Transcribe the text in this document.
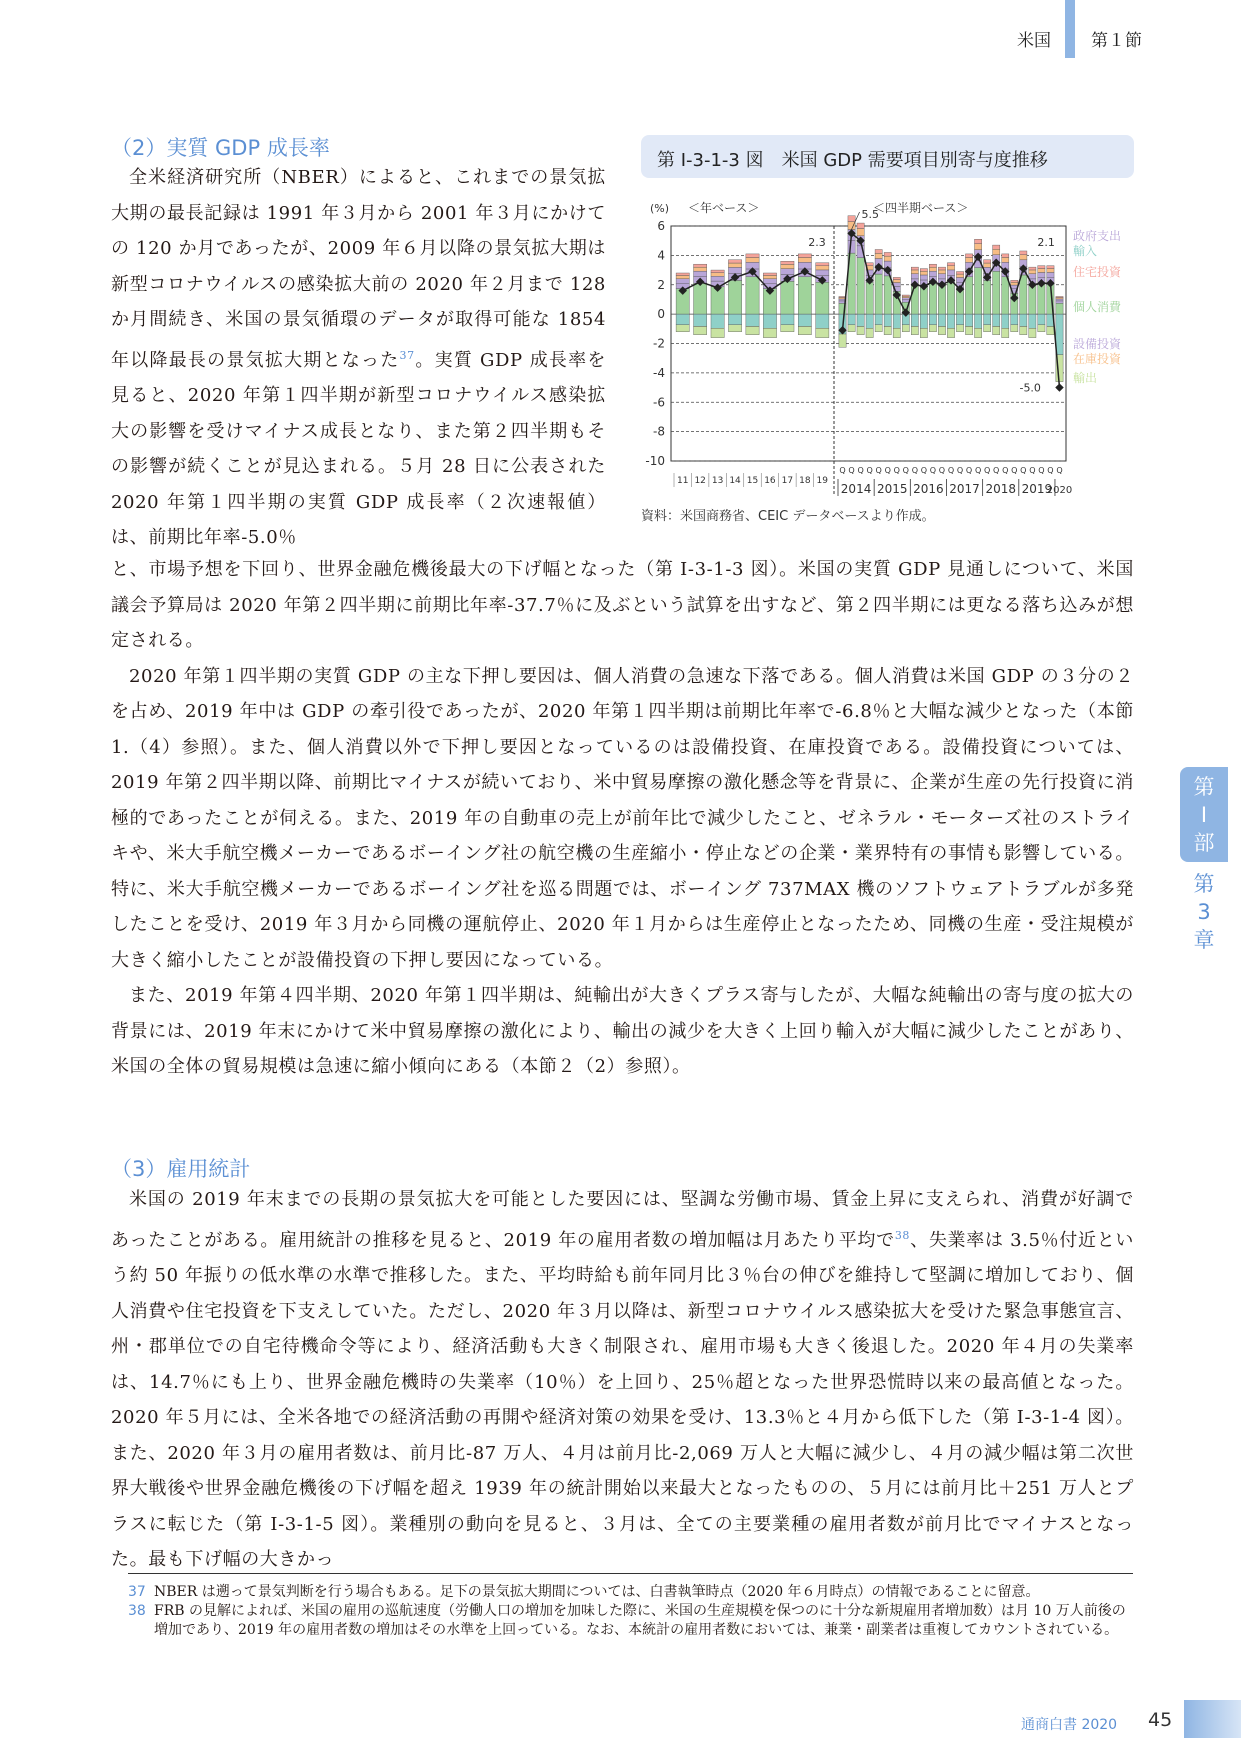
米国	第１節
（2）実質 GDP 成長率

全米経済研究所（NBER）によると、これまでの景気拡大期の最長記録は 1991 年３月から 2001 年３月にかけての 120 か月であったが、2009 年６月以降の景気拡大期は新型コロナウイルスの感染拡大前の 2020 年２月まで 128 か月間続き、米国の景気循環のデータが取得可能な 1854 年以降最長の景気拡大期となった$^{37}$。実質 GDP 成長率を見ると、2020 年第１四半期が新型コロナウイルス感染拡大の影響を受けマイナス成長となり、また第２四半期もその影響が続くことが見込まれる。５月 28 日に公表された 2020 年第１四半期の実質 GDP 成長率（２次速報値）は、前期比年率-5.0％

と、市場予想を下回り、世界金融危機後最大の下げ幅となった（第 I-3-1-3 図）。米国の実質 GDP 見通しについて、米国議会予算局は 2020 年第２四半期に前期比年率-37.7％に及ぶという試算を出すなど、第２四半期には更なる落ち込みが想定される。

2020 年第１四半期の実質 GDP の主な下押し要因は、個人消費の急速な下落である。個人消費は米国 GDP の３分の２を占め、2019 年中は GDP の牽引役であったが、2020 年第１四半期は前期比年率で-6.8％と大幅な減少となった（本節 1.（4）参照）。また、個人消費以外で下押し要因となっているのは設備投資、在庫投資である。設備投資については、2019 年第２四半期以降、前期比マイナスが続いており、米中貿易摩擦の激化懸念等を背景に、企業が生産の先行投資に消極的であったことが伺える。また、2019 年の自動車の売上が前年比で減少したこと、ゼネラル・モーターズ社のストライキや、米大手航空機メーカーであるボーイング社の航空機の生産縮小・停止などの企業・業界特有の事情も影響している。特に、米大手航空機メーカーであるボーイング社を巡る問題では、ボーイング 737MAX 機のソフトウェアトラブルが多発したことを受け、2019 年３月から同機の運航停止、2020 年１月からは生産停止となったため、同機の生産・受注規模が大きく縮小したことが設備投資の下押し要因になっている。

また、2019 年第４四半期、2020 年第１四半期は、純輸出が大きくプラス寄与したが、大幅な純輸出の寄与度の拡大の背景には、2019 年末にかけて米中貿易摩擦の激化により、輸出の減少を大きく上回り輸入が大幅に減少したことがあり、米国の全体の貿易規模は急速に縮小傾向にある（本節２（2）参照）。

（3）雇用統計

米国の 2019 年末までの長期の景気拡大を可能とした要因には、堅調な労働市場、賃金上昇に支えられ、消費が好調であったことがある。雇用統計の推移を見ると、2019 年の雇用者数の増加幅は月あたり平均で$^{38}$、失業率は 3.5％付近という約 50 年振りの低水準の水準で推移した。また、平均時給も前年同月比３％台の伸びを維持して堅調に増加しており、個人消費や住宅投資を下支えしていた。ただし、2020 年３月以降は、新型コロナウイルス感染拡大を受けた緊急事態宣言、州・郡単位での自宅待機命令等により、経済活動も大きく制限され、雇用市場も大きく後退した。2020 年４月の失業率は、14.7％にも上り、世界金融危機時の失業率（10％）を上回り、25％超となった世界恐慌時以来の最高値となった。2020 年５月には、全米各地での経済活動の再開や経済対策の効果を受け、13.3％と４月から低下した（第 I-3-1-4 図）。また、2020 年３月の雇用者数は、前月比-87 万人、４月は前月比-2,069 万人と大幅に減少し、４月の減少幅は第二次世界大戦後や世界金融危機後の下げ幅を超え 1939 年の統計開始以来最大となったものの、５月には前月比＋251 万人とプラスに転じた（第 I-3-1-5 図）。業種別の動向を見ると、３月は、全ての主要業種の雇用者数が前月比でマイナスとなった。最も下げ幅の大きかっ

第
I
部
第
3
章
第 I-3-1-3 図　米国 GDP 需要項目別寄与度推移
(%) ＜年ベース＞	＜四半期ベース＞
6
4
2
0
-2
-4
-6
-8
-10
11 12 13 14 15 16 17 18 19
Q Q Q Q Q Q Q Q Q Q Q Q Q Q Q Q Q Q Q Q Q Q Q Q Q
2014 2015 2016 2017 2018 2019
2020
2.3
5.5
2.1
-5.0
政府支出
輸入
住宅投資
個人消費
設備投資
在庫投資
輸出
資料：米国商務省、CEIC データベースより作成。
37 NBER は遡って景気判断を行う場合もある。足下の景気拡大期間については、白書執筆時点（2020 年６月時点）の情報であることに留意。
38 FRB の見解によれば、米国の雇用の巡航速度（労働人口の増加を加味した際に、米国の生産規模を保つのに十分な新規雇用者増加数）は月 10 万人前後の増加であり、2019 年の雇用者数の増加はその水準を上回っている。なお、本統計の雇用者数においては、兼業・副業者は重複してカウントされている。
通商白書 2020 45
